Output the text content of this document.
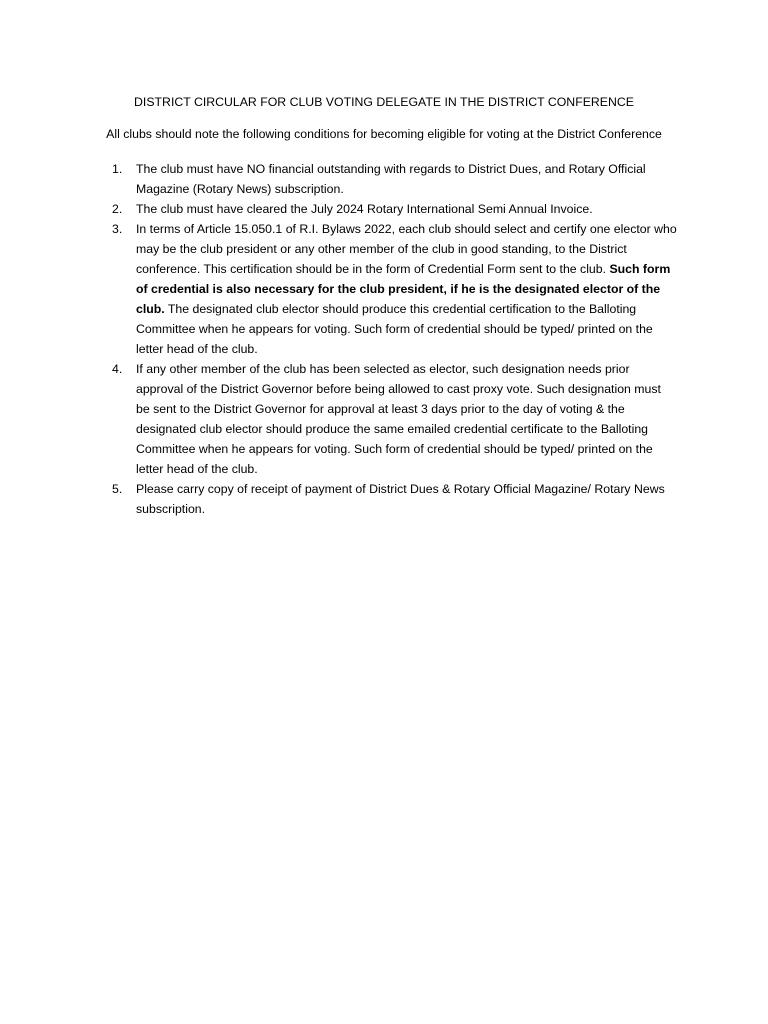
DISTRICT CIRCULAR FOR CLUB VOTING DELEGATE IN THE DISTRICT CONFERENCE
All clubs should note the following conditions for becoming eligible for voting at the District Conference
1. The club must have NO financial outstanding with regards to District Dues, and Rotary Official Magazine (Rotary News) subscription.
2. The club must have cleared the July 2024 Rotary International Semi Annual Invoice.
3. In terms of Article 15.050.1 of R.I. Bylaws 2022, each club should select and certify one elector who may be the club president or any other member of the club in good standing, to the District conference. This certification should be in the form of Credential Form sent to the club. Such form of credential is also necessary for the club president, if he is the designated elector of the club. The designated club elector should produce this credential certification to the Balloting Committee when he appears for voting. Such form of credential should be typed/ printed on the letter head of the club.
4. If any other member of the club has been selected as elector, such designation needs prior approval of the District Governor before being allowed to cast proxy vote. Such designation must be sent to the District Governor for approval at least 3 days prior to the day of voting & the designated club elector should produce the same emailed credential certificate to the Balloting Committee when he appears for voting. Such form of credential should be typed/ printed on the letter head of the club.
5. Please carry copy of receipt of payment of District Dues & Rotary Official Magazine/ Rotary News subscription.
